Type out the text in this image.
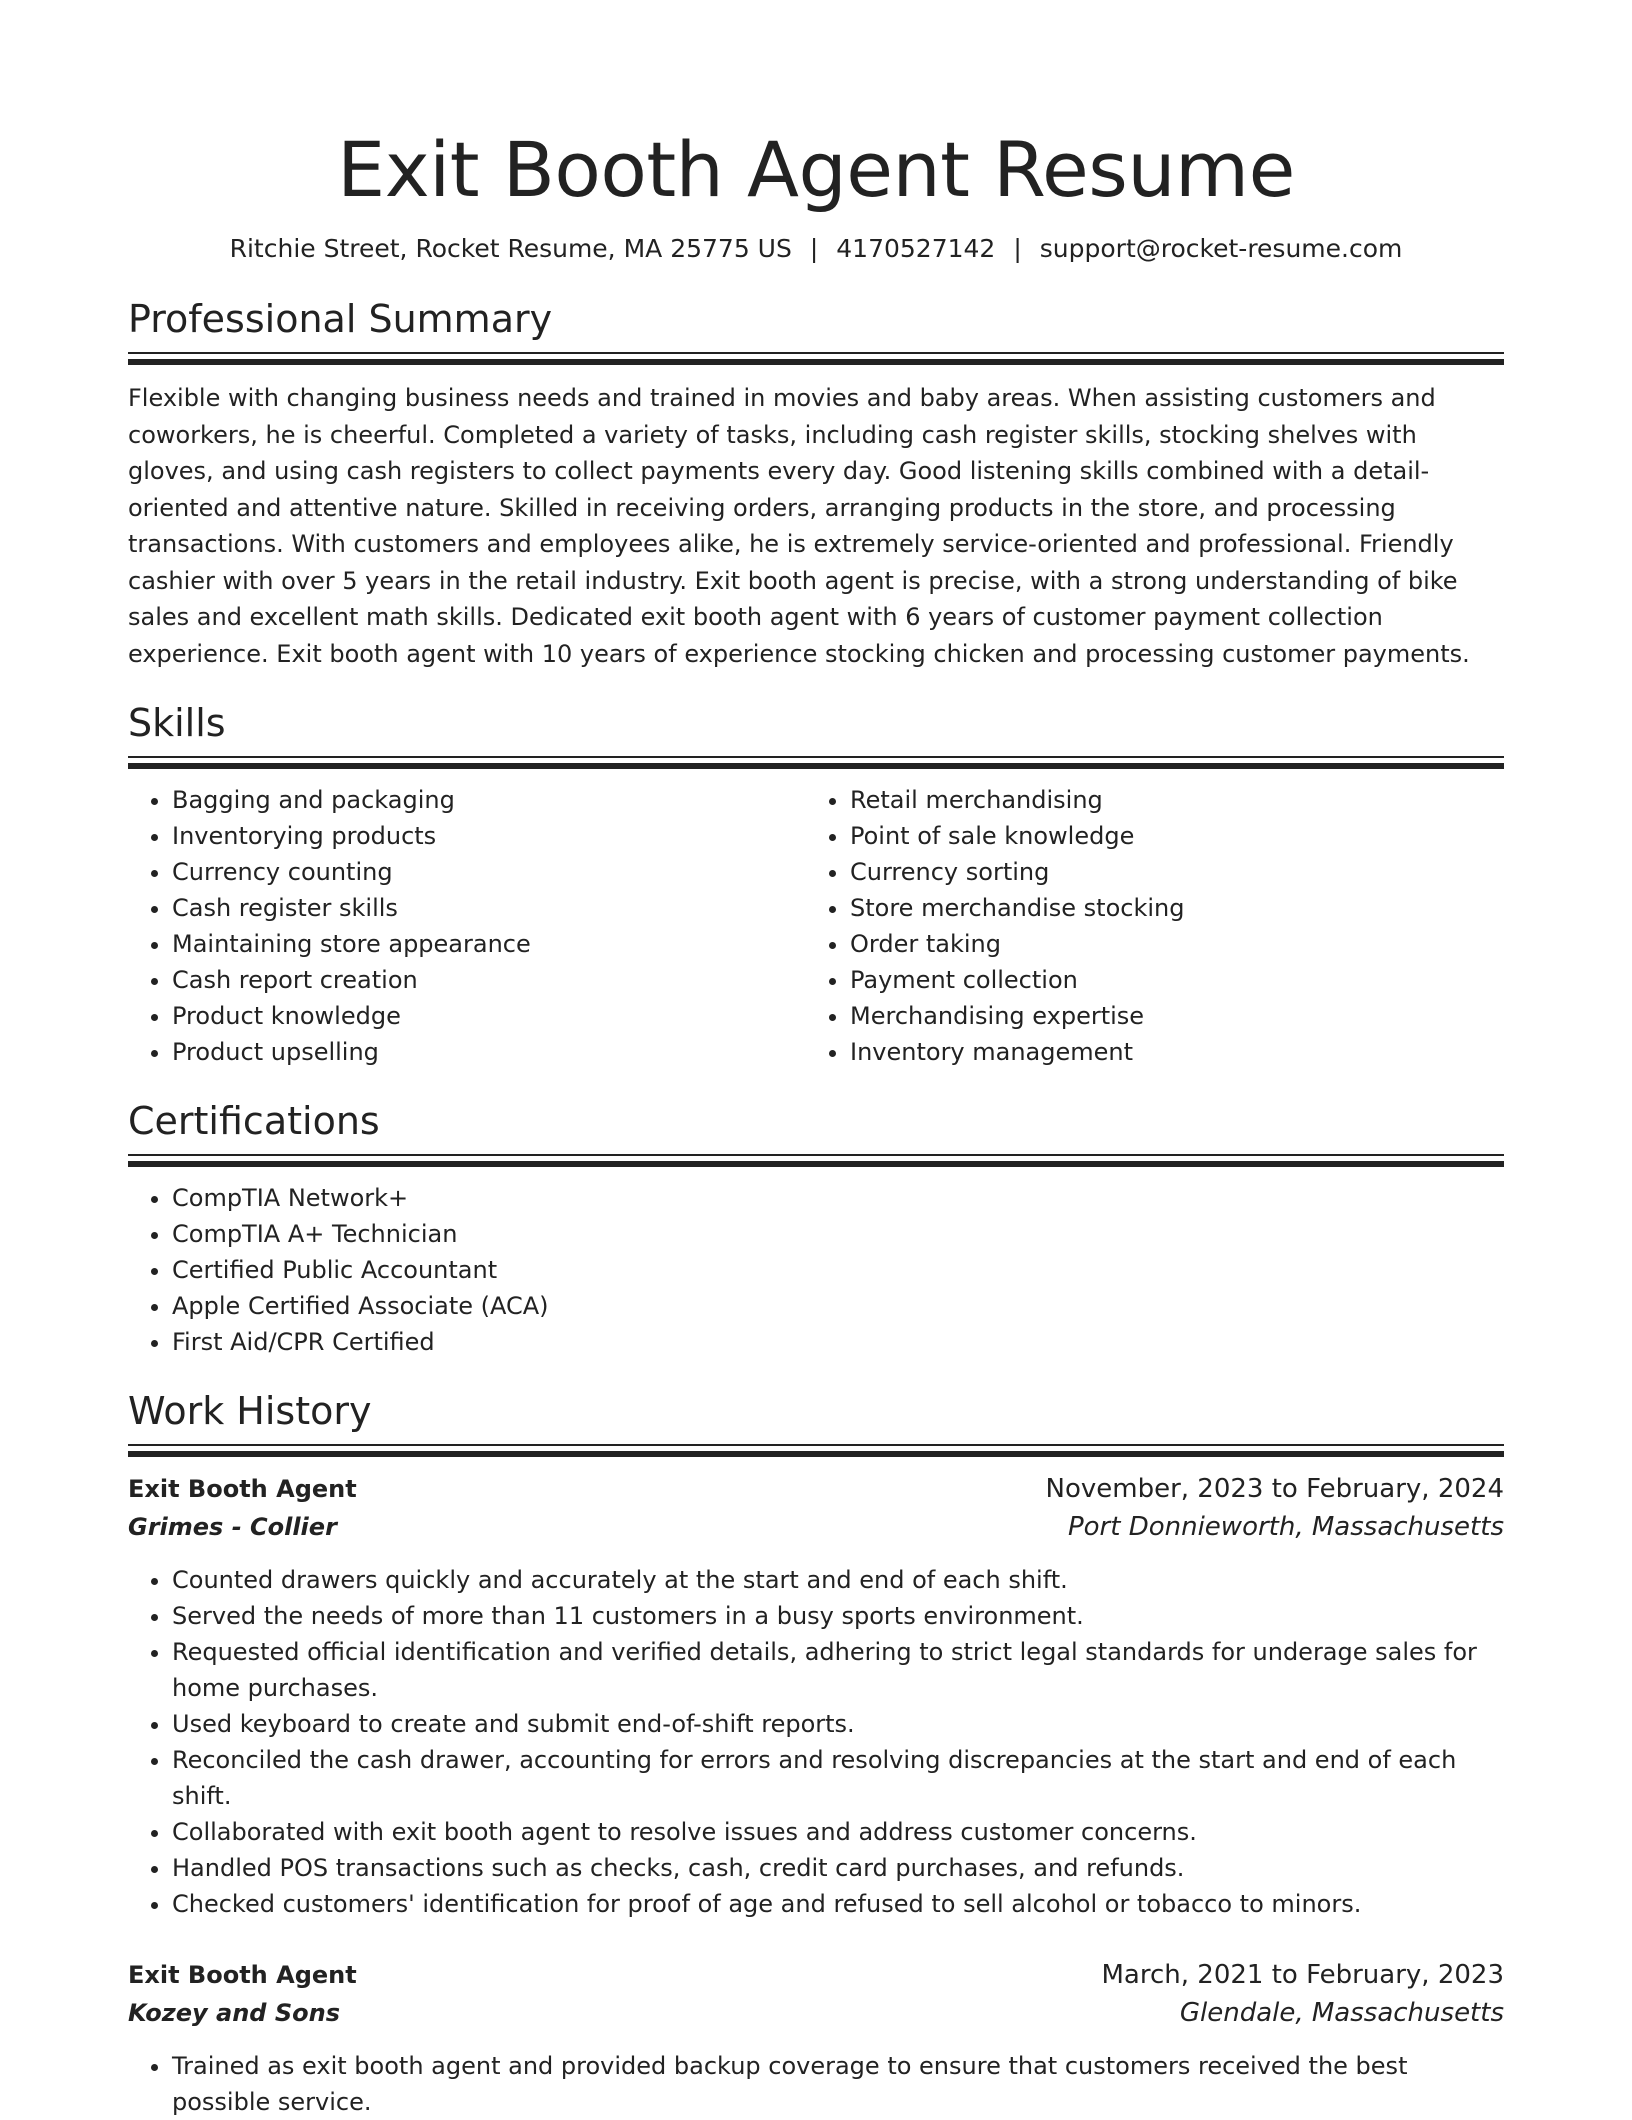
Exit Booth Agent Resume
Ritchie Street, Rocket Resume, MA 25775 US | 4170527142 | support@rocket-resume.com
Professional Summary

Flexible with changing business needs and trained in movies and baby areas. When assisting customers and coworkers, he is cheerful. Completed a variety of tasks, including cash register skills, stocking shelves with gloves, and using cash registers to collect payments every day. Good listening skills combined with a detail-oriented and attentive nature. Skilled in receiving orders, arranging products in the store, and processing transactions. With customers and employees alike, he is extremely service-oriented and professional. Friendly cashier with over 5 years in the retail industry. Exit booth agent is precise, with a strong understanding of bike sales and excellent math skills. Dedicated exit booth agent with 6 years of customer payment collection experience. Exit booth agent with 10 years of experience stocking chicken and processing customer payments.

Skills
• Bagging and packaging
• Inventorying products
• Currency counting
• Cash register skills
• Maintaining store appearance
• Cash report creation
• Product knowledge
• Product upselling
• Retail merchandising
• Point of sale knowledge
• Currency sorting
• Store merchandise stocking
• Order taking
• Payment collection
• Merchandising expertise
• Inventory management
Certifications
• CompTIA Network+
• CompTIA A+ Technician
• Certified Public Accountant
• Apple Certified Associate (ACA)
• First Aid/CPR Certified
Work History
Exit Booth Agent	November, 2023 to February, 2024
Grimes - Collier	Port Donnieworth, Massachusetts
• Counted drawers quickly and accurately at the start and end of each shift.
• Served the needs of more than 11 customers in a busy sports environment.
• Requested official identification and verified details, adhering to strict legal standards for underage sales for home purchases.
• Used keyboard to create and submit end-of-shift reports.
• Reconciled the cash drawer, accounting for errors and resolving discrepancies at the start and end of each shift.
• Collaborated with exit booth agent to resolve issues and address customer concerns.
• Handled POS transactions such as checks, cash, credit card purchases, and refunds.
• Checked customers' identification for proof of age and refused to sell alcohol or tobacco to minors.
Exit Booth Agent	March, 2021 to February, 2023
Kozey and Sons	Glendale, Massachusetts
• Trained as exit booth agent and provided backup coverage to ensure that customers received the best possible service.
